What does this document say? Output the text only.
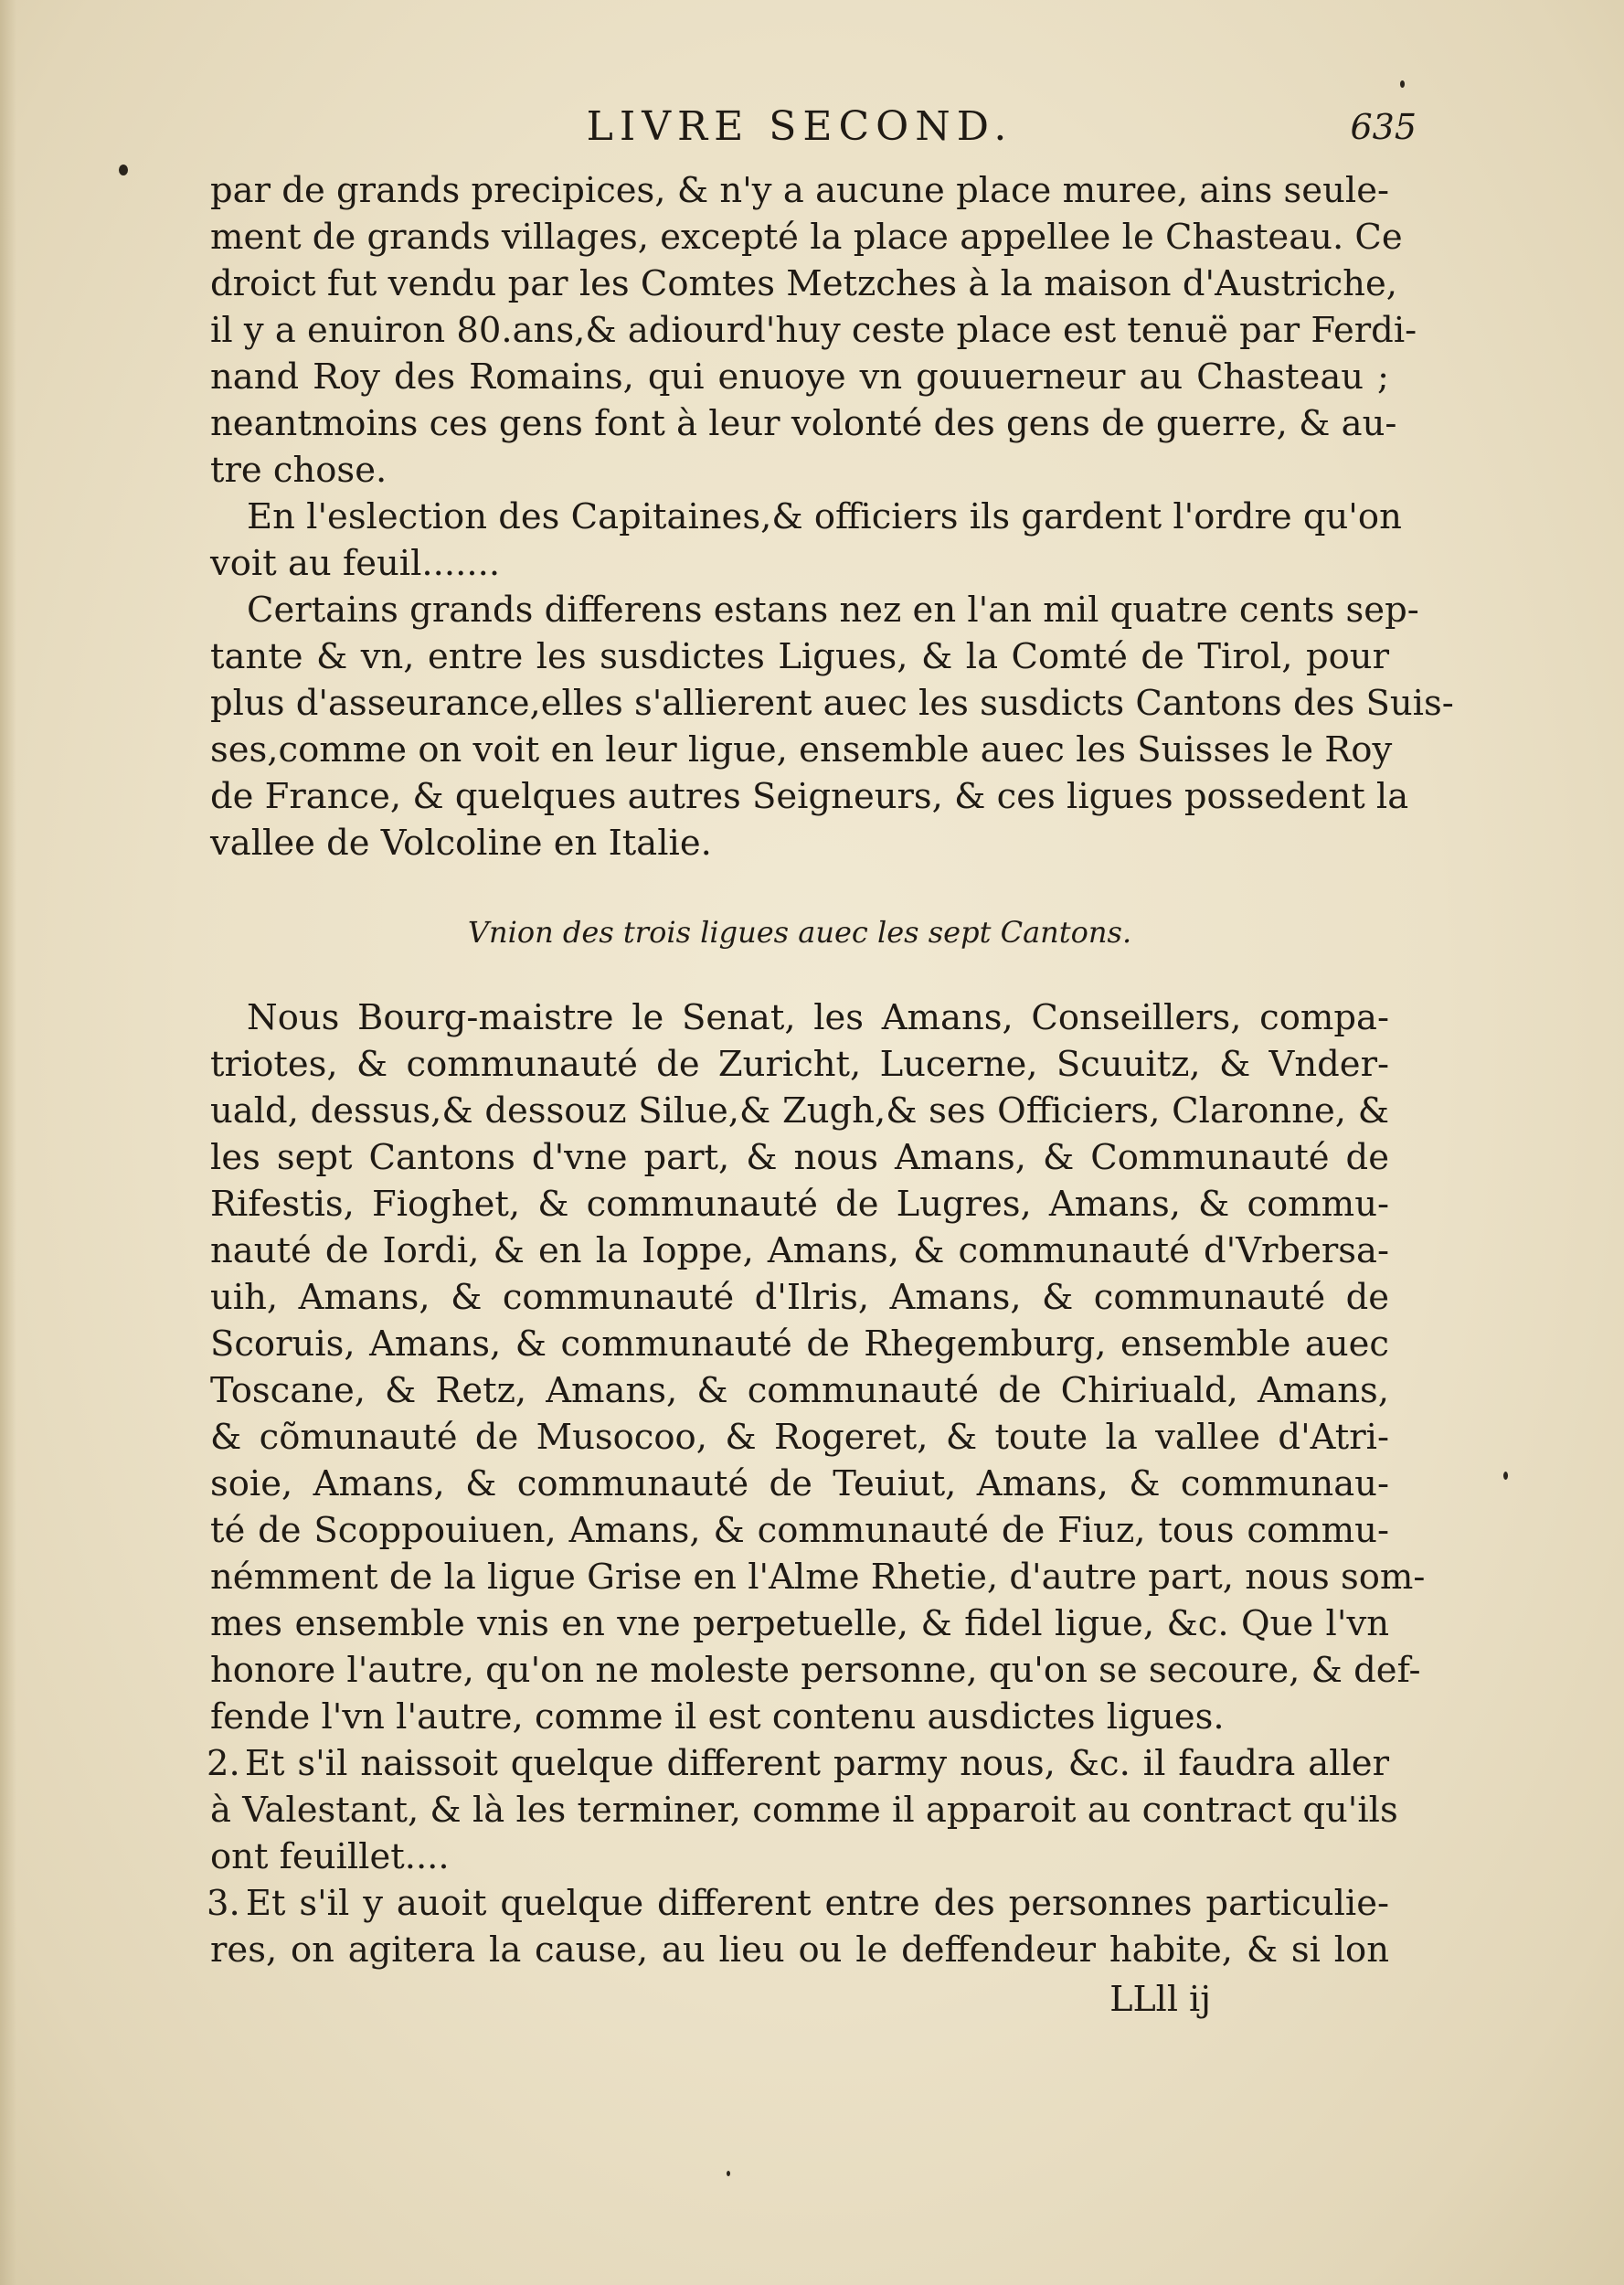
LIVRE SECOND.	635
par de grands precipices, & n'y a aucune place muree, ains seule-
ment de grands villages, excepté la place appellee le Chasteau. Ce
droict fut vendu par les Comtes Metzches à la maison d'Austriche,
il y a enuiron 80.ans,& adiourd'huy ceste place est tenuë par Ferdi-
nand Roy des Romains, qui enuoye vn gouuerneur au Chasteau ;
neantmoins ces gens font à leur volonté des gens de guerre, & au-
tre chose.
En l'eslection des Capitaines,& officiers ils gardent l'ordre qu'on
voit au feuil.......
Certains grands differens estans nez en l'an mil quatre cents sep-
tante & vn, entre les susdictes Ligues, & la Comté de Tirol, pour
plus d'asseurance,elles s'allierent auec les susdicts Cantons des Suis-
ses,comme on voit en leur ligue, ensemble auec les Suisses le Roy
de France, & quelques autres Seigneurs, & ces ligues possedent la
vallee de Volcoline en Italie.
Vnion des trois ligues auec les sept Cantons.
Nous Bourg-maistre le Senat, les Amans, Conseillers, compa-
triotes, & communauté de Zuricht, Lucerne, Scuuitz, & Vnder-
uald, dessus,& dessouz Silue,& Zugh,& ses Officiers, Claronne, &
les sept Cantons d'vne part, & nous Amans, & Communauté de
Rifestis, Fioghet, & communauté de Lugres, Amans, & commu-
nauté de Iordi, & en la Ioppe, Amans, & communauté d'Vrbersa-
uih, Amans, & communauté d'Ilris, Amans, & communauté de
Scoruis, Amans, & communauté de Rhegemburg, ensemble auec
Toscane, & Retz, Amans, & communauté de Chiriuald, Amans,
& cõmunauté de Musocoo, & Rogeret, & toute la vallee d'Atri-
soie, Amans, & communauté de Teuiut, Amans, & communau-
té de Scoppouiuen, Amans, & communauté de Fiuz, tous commu-
némment de la ligue Grise en l'Alme Rhetie, d'autre part, nous som-
mes ensemble vnis en vne perpetuelle, & fidel ligue, &c. Que l'vn
honore l'autre, qu'on ne moleste personne, qu'on se secoure, & def-
fende l'vn l'autre, comme il est contenu ausdictes ligues.
2. Et s'il naissoit quelque different parmy nous, &c. il faudra aller
à Valestant, & là les terminer, comme il apparoit au contract qu'ils
ont feuillet....
3. Et s'il y auoit quelque different entre des personnes particulie-
res, on agitera la cause, au lieu ou le deffendeur habite, & si lon
LLll ij
